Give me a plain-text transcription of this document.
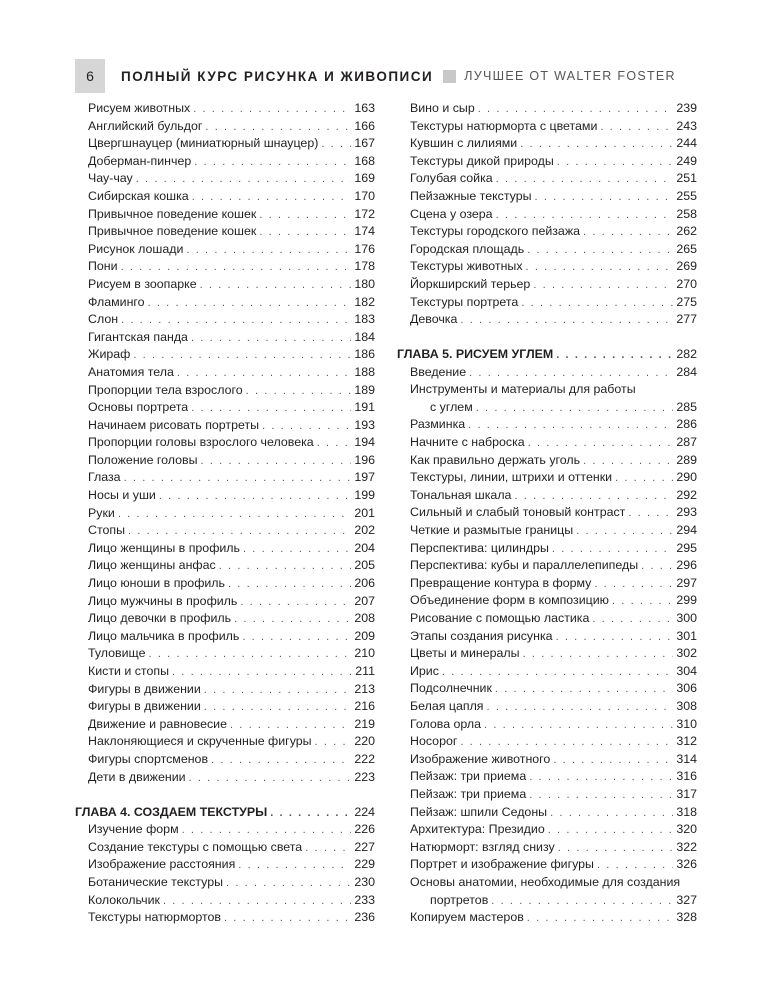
6	ПОЛНЫЙ КУРС РИСУНКА И ЖИВОПИСИ ЛУЧШЕЕ ОТ WALTER FOSTER
Рисуем животных . . .	163
Английский бульдог . . .	166
Цвергшнауцер (миниатюрный шнауцер) . . .	167
Доберман-пинчер . . .	168
Чау-чау . . .	169
Сибирская кошка . . .	170
Привычное поведение кошек . . .	172
Привычное поведение кошек . . .	174
Рисунок лошади . . .	176
Пони . . .	178
Рисуем в зоопарке . . .	180
Фламинго . . .	182
Слон . . .	183
Гигантская панда . . .	184
Жираф . . .	186
Анатомия тела . . .	188
Пропорции тела взрослого . . .	189
Основы портрета . . .	191
Начинаем рисовать портреты . . .	193
Пропорции головы взрослого человека . . .	194
Положение головы . . .	196
Глаза . . .	197
Носы и уши . . .	199
Руки . . .	201
Стопы . . .	202
Лицо женщины в профиль . . .	204
Лицо женщины анфас . . .	205
Лицо юноши в профиль . . .	206
Лицо мужчины в профиль . . .	207
Лицо девочки в профиль . . .	208
Лицо мальчика в профиль . . .	209
Туловище . . .	210
Кисти и стопы . . .	211
Фигуры в движении . . .	213
Фигуры в движении . . .	216
Движение и равновесие . . .	219
Наклоняющиеся и скрученные фигуры . . .	220
Фигуры спортсменов . . .	222
Дети в движении . . .	223
ГЛАВА 4. СОЗДАЕМ ТЕКСТУРЫ . . .	224
Изучение форм . . .	226
Создание текстуры с помощью света . . .	227
Изображение расстояния . . .	229
Ботанические текстуры . . .	230
Колокольчик . . .	233
Текстуры натюрмортов . . .	236
Вино и сыр . . .	239
Текстуры натюрморта с цветами . . .	243
Кувшин с лилиями . . .	244
Текстуры дикой природы . . .	249
Голубая сойка . . .	251
Пейзажные текстуры . . .	255
Сцена у озера . . .	258
Текстуры городского пейзажа . . .	262
Городская площадь . . .	265
Текстуры животных . . .	269
Йоркширский терьер . . .	270
Текстуры портрета . . .	275
Девочка . . .	277
ГЛАВА 5. РИСУЕМ УГЛЕМ . . .	282
Введение . . .	284
Инструменты и материалы для работы
с углем . . .	285
Разминка . . .	286
Начните с наброска . . .	287
Как правильно держать уголь . . .	289
Текстуры, линии, штрихи и оттенки . . .	290
Тональная шкала . . .	292
Сильный и слабый тоновый контраст . . .	293
Четкие и размытые границы . . .	294
Перспектива: цилиндры . . .	295
Перспектива: кубы и параллелепипеды . . .	296
Превращение контура в форму . . .	297
Объединение форм в композицию . . .	299
Рисование с помощью ластика . . .	300
Этапы создания рисунка . . .	301
Цветы и минералы . . .	302
Ирис . . .	304
Подсолнечник . . .	306
Белая цапля . . .	308
Голова орла . . .	310
Носорог . . .	312
Изображение животного . . .	314
Пейзаж: три приема . . .	316
Пейзаж: три приема . . .	317
Пейзаж: шпили Седоны . . .	318
Архитектура: Президио . . .	320
Натюрморт: взгляд снизу . . .	322
Портрет и изображение фигуры . . .	326
Основы анатомии, необходимые для создания
портретов . . .	327
Копируем мастеров . . .	328
